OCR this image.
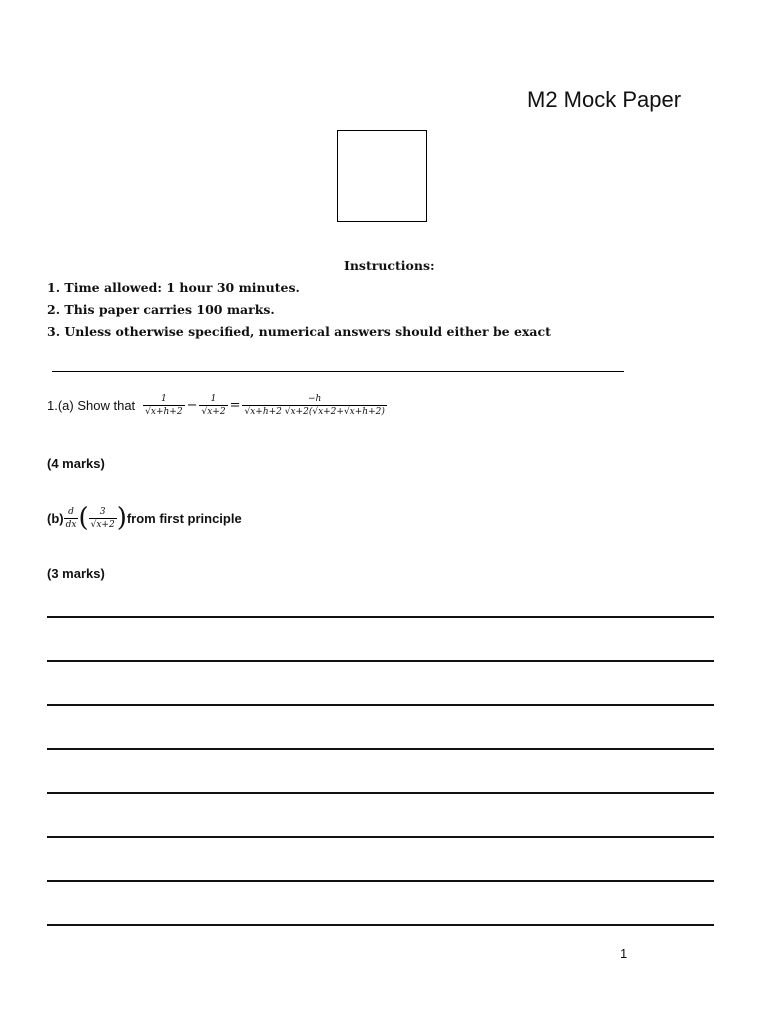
M2 Mock Paper
Instructions:
1. Time allowed: 1 hour 30 minutes.
2. This paper carries 100 marks.
3. Unless otherwise specified, numerical answers should either be exact
1.(a) Show that $\frac{1}{√x+h+2} - \frac{1}{√x+2} = \frac{-h}{√x+h+2 √x+2(√x+2+√x+h+2)}$
(4 marks)
$(b) \frac{d}{dx}$ ( $\frac{3}{√x+2}$ ) from first principle
(3 marks)
1
